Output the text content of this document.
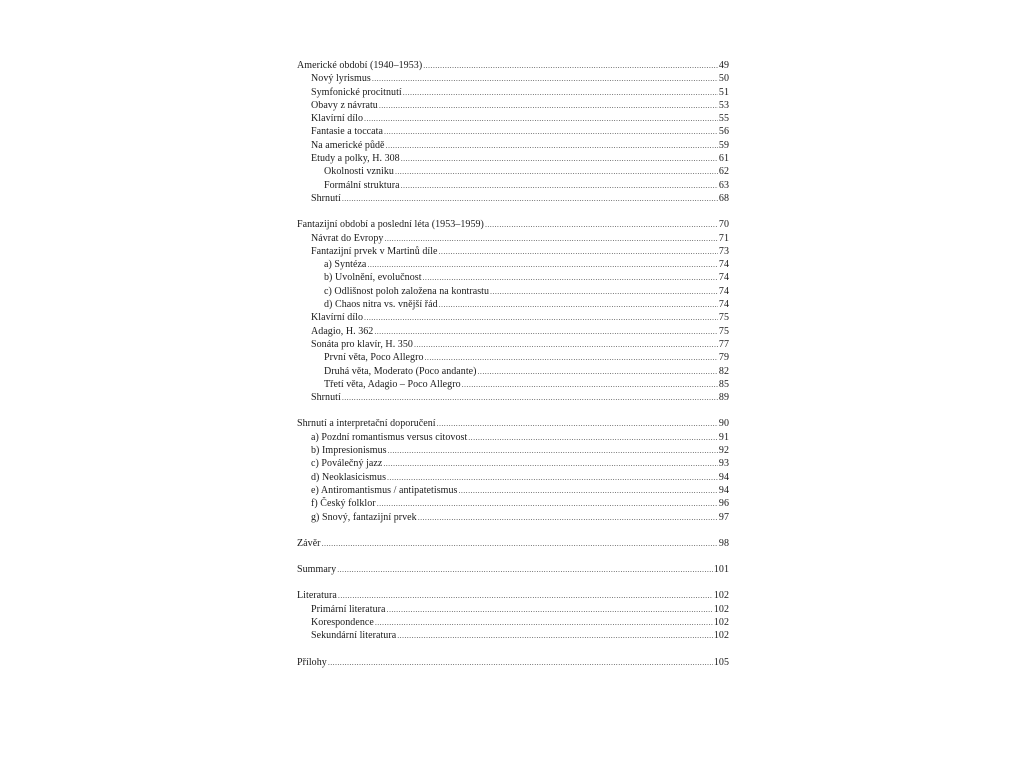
Americké období (1940–1953) .....	49
Nový lyrismus .....	50
Symfonické procitnutí .....	51
Obavy z návratu .....	53
Klavírní dílo .....	55
Fantasie a toccata .....	56
Na americké půdě .....	59
Etudy a polky, H. 308 .....	61
Okolnosti vzniku .....	62
Formální struktura .....	63
Shrnutí .....	68
Fantazijní období a poslední léta (1953–1959) .....	70
Návrat do Evropy .....	71
Fantazijní prvek v Martinů díle .....	73
a) Syntéza .....	74
b) Uvolnění, evolučnost .....	74
c) Odlišnost poloh založena na kontrastu .....	74
d) Chaos nitra vs. vnější řád .....	74
Klavírní dílo .....	75
Adagio, H. 362 .....	75
Sonáta pro klavír, H. 350 .....	77
První věta, Poco Allegro .....	79
Druhá věta, Moderato (Poco andante) .....	82
Třetí věta, Adagio – Poco Allegro .....	85
Shrnutí .....	89
Shrnutí a interpretační doporučení .....	90
a) Pozdní romantismus versus citovost .....	91
b) Impresionismus .....	92
c) Poválečný jazz .....	93
d) Neoklasicismus .....	94
e) Antiromantismus / antipatetismus .....	94
f) Český folklor .....	96
g) Snový, fantazijní prvek .....	97
Závěr .....	98
Summary .....	101
Literatura .....	102
Primární literatura .....	102
Korespondence .....	102
Sekundární literatura .....	102
Přílohy .....	105
